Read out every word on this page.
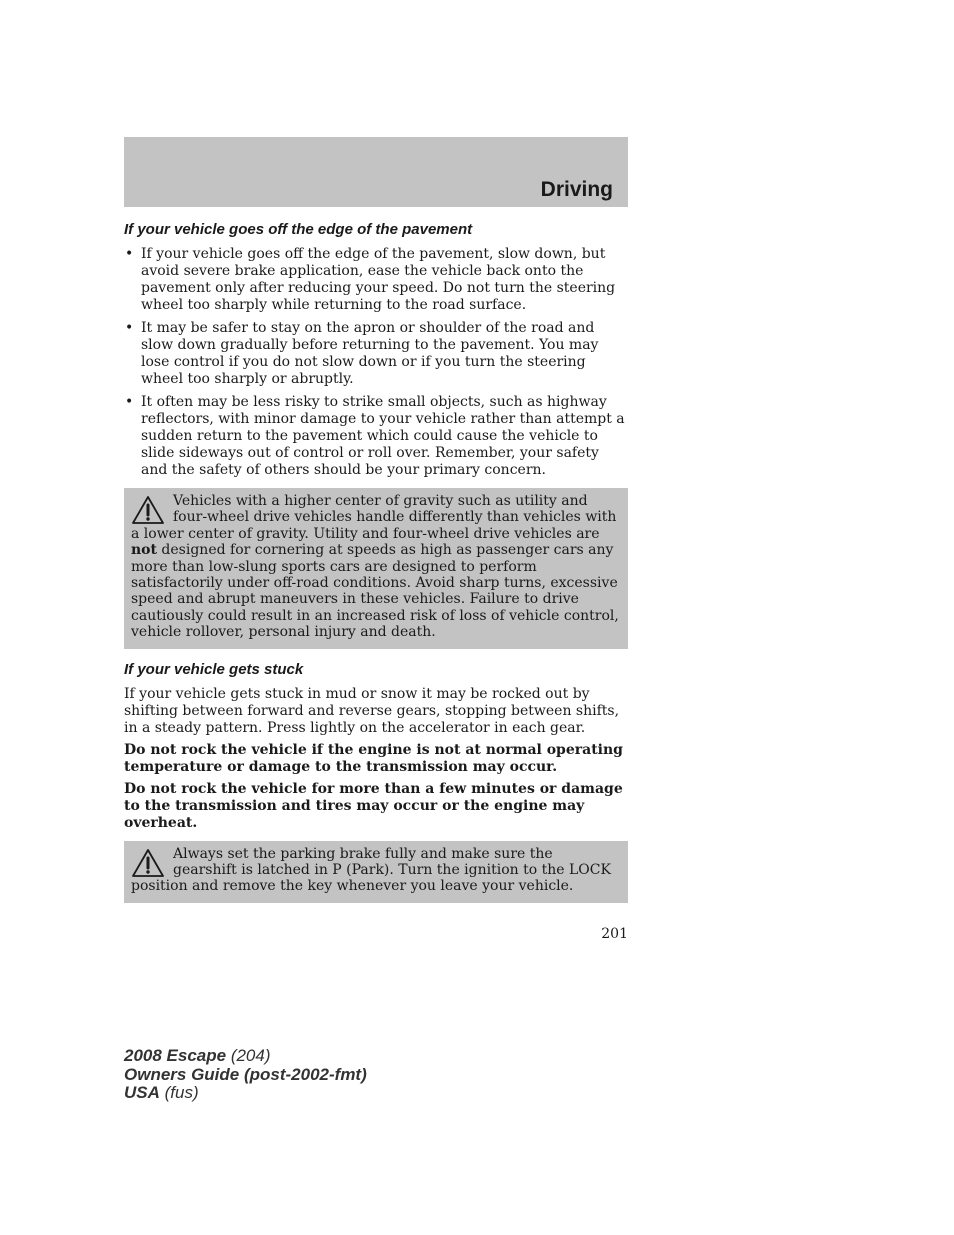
Driving
If your vehicle goes off the edge of the pavement
• If your vehicle goes off the edge of the pavement, slow down, but avoid severe brake application, ease the vehicle back onto the pavement only after reducing your speed. Do not turn the steering wheel too sharply while returning to the road surface.
• It may be safer to stay on the apron or shoulder of the road and slow down gradually before returning to the pavement. You may lose control if you do not slow down or if you turn the steering wheel too sharply or abruptly.
• It often may be less risky to strike small objects, such as highway reflectors, with minor damage to your vehicle rather than attempt a sudden return to the pavement which could cause the vehicle to slide sideways out of control or roll over. Remember, your safety and the safety of others should be your primary concern.
Vehicles with a higher center of gravity such as utility and four-wheel drive vehicles handle differently than vehicles with a lower center of gravity. Utility and four-wheel drive vehicles are not designed for cornering at speeds as high as passenger cars any more than low-slung sports cars are designed to perform satisfactorily under off-road conditions. Avoid sharp turns, excessive speed and abrupt maneuvers in these vehicles. Failure to drive cautiously could result in an increased risk of loss of vehicle control, vehicle rollover, personal injury and death.
If your vehicle gets stuck

If your vehicle gets stuck in mud or snow it may be rocked out by shifting between forward and reverse gears, stopping between shifts, in a steady pattern. Press lightly on the accelerator in each gear.

Do not rock the vehicle if the engine is not at normal operating temperature or damage to the transmission may occur.

Do not rock the vehicle for more than a few minutes or damage to the transmission and tires may occur or the engine may overheat.

Always set the parking brake fully and make sure the gearshift is latched in P (Park). Turn the ignition to the LOCK position and remove the key whenever you leave your vehicle.
201
2008 Escape (204)
Owners Guide (post-2002-fmt)
USA (fus)
